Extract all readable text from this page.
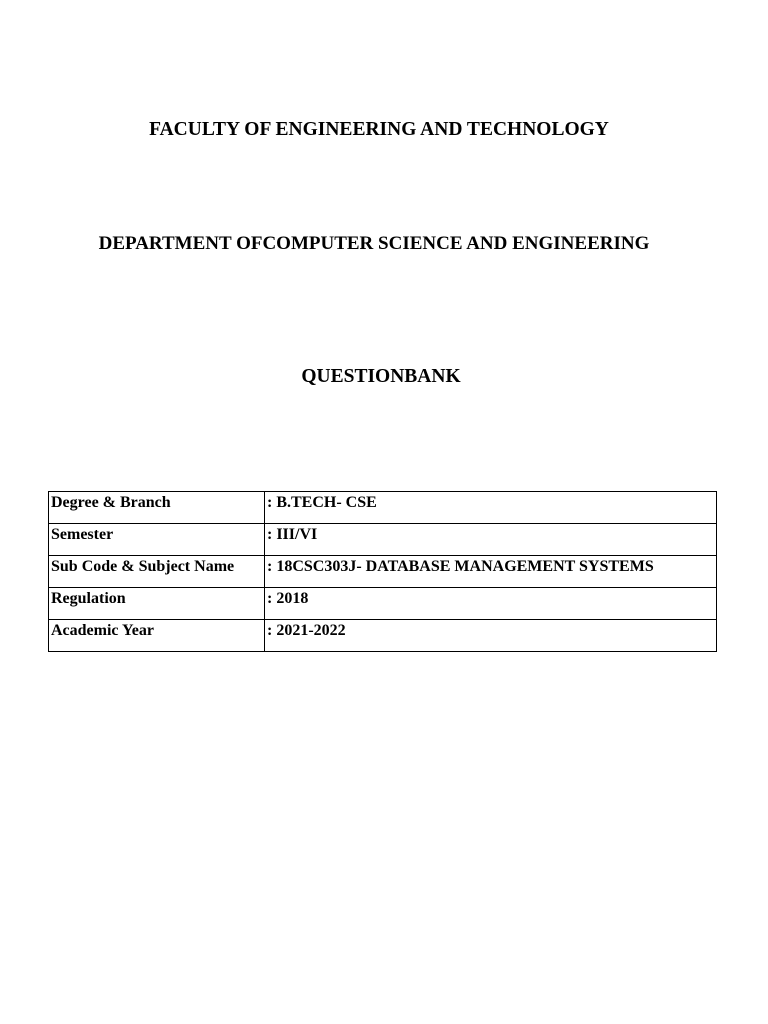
FACULTY OF ENGINEERING AND TECHNOLOGY
DEPARTMENT OFCOMPUTER SCIENCE AND ENGINEERING
QUESTIONBANK
Degree & Branch	: B.TECH- CSE
Semester	: III/VI
Sub Code & Subject Name	: 18CSC303J- DATABASE MANAGEMENT SYSTEMS
Regulation	: 2018
Academic Year	: 2021-2022
